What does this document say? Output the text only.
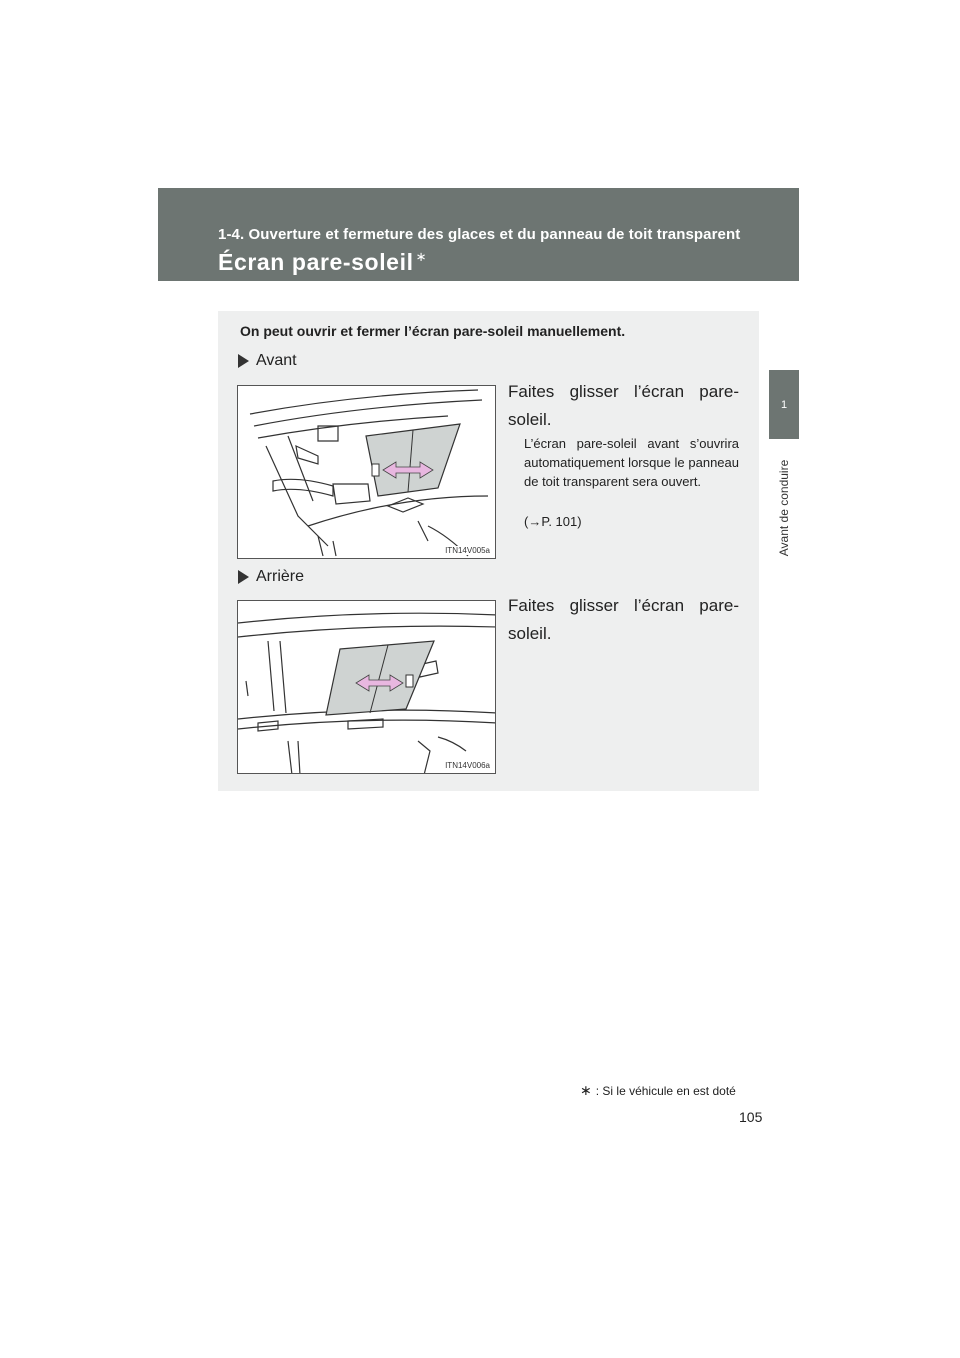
1-4. Ouverture et fermeture des glaces et du panneau de toit transparent
Écran pare-soleil ∗
1
Avant de conduire
On peut ouvrir et fermer l’écran pare-soleil manuellement.
Avant
ITN14V005a
Faites glisser l’écran pare-soleil.
L’écran pare-soleil avant s’ouvrira automatiquement lorsque le panneau de toit transparent sera ouvert.
(→P. 101)
Arrière
ITN14V006a
Faites glisser l’écran pare-soleil.
∗ : Si le véhicule en est doté
105
